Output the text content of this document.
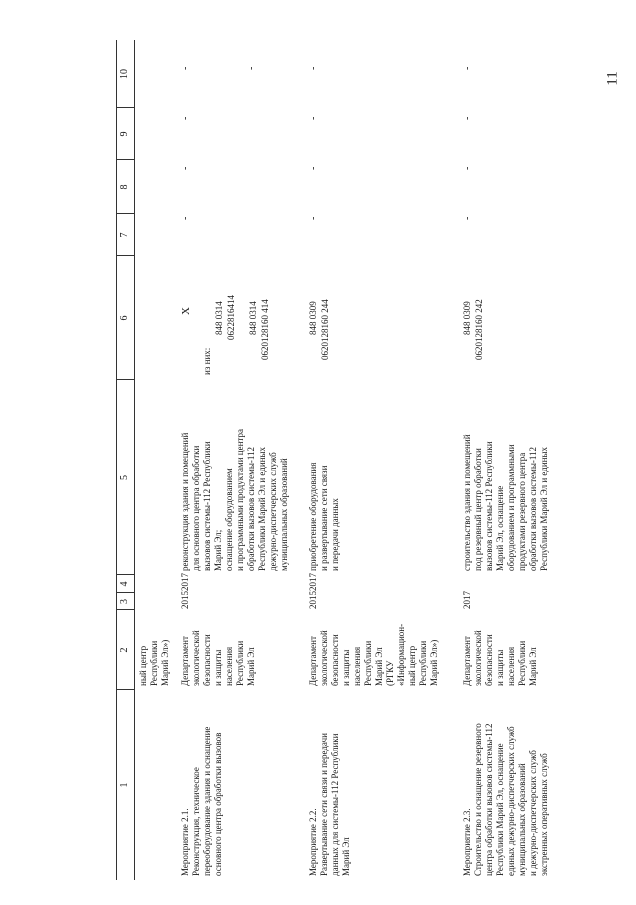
11
1
2
3
4
5
6
7
8
9
10
ный центр
Республики
Марий Эл»)
Мероприятие 2.1.
Реконструкция, техническое
переоборудование здания и оснащение
основного центра обработки вызовов
Департамент
экологической
безопасности
и защиты
населения
Республики
Марий Эл
2015
2017
реконструкция здания и помещений
для основного центра обработки
вызовов системы-112 Республики
Марий Эл;
оснащение оборудованием
и программными продуктами центра
обработки вызовов системы-112
Республики Марий Эл и единых
дежурно-диспетчерских служб
муниципальных образований
X
из них:
848 0314 0622816414 848 0314 0620128160 414
-
-
-
-	-
Мероприятие 2.2.
Развертывание сети связи и передачи
данных для системы-112 Республики
Марий Эл
Департамент
экологической
безопасности
и защиты
населения
Республики
Марий Эл
(РГКУ
«Информацион-
ный центр
Республики
Марий Эл»)
2015
2017
приобретение оборудования
и развертывание сети связи
и передачи данных
848 0309 0620128160 244
-
-
-
-
Мероприятие 2.3.
Строительство и оснащение резервного
центра обработки вызовов системы-112
Республики Марий Эл, оснащение
единых дежурно-диспетчерских служб
муниципальных образований
и дежурно-диспетчерских служб
экстренных оперативных служб
Департамент
экологической
безопасности
и защиты
населения
Республики
Марий Эл
2017
строительство здания и помещений
под резервный центр обработки
вызовов системы-112 Республики
Марий Эл, оснащение
оборудованием и программными
продуктами резервного центра
обработки вызовов системы-112
Республики Марий Эл и единых
848 0309 0620128160 242
-
-
-
-
